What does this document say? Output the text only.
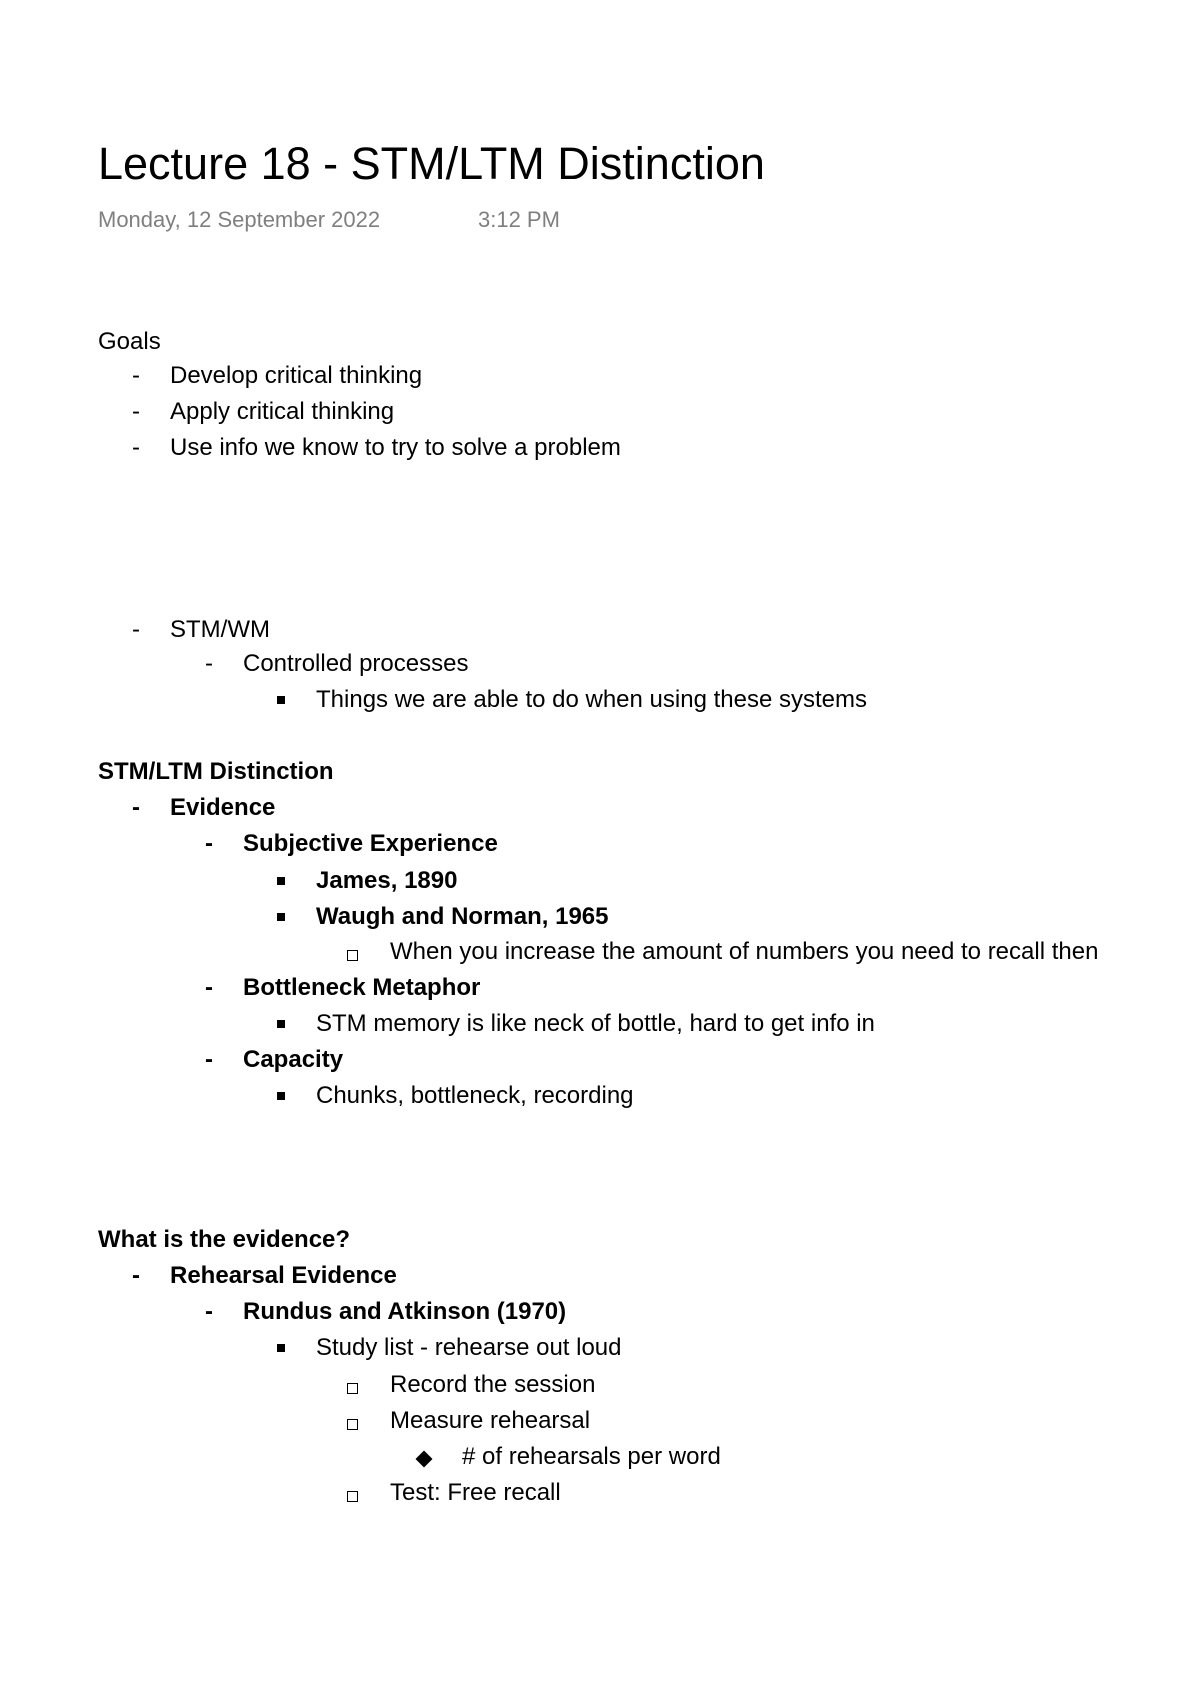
Lecture 18 - STM/LTM Distinction
Monday, 12 September 2022	3:12 PM
Goals
- Develop critical thinking
- Apply critical thinking
- Use info we know to try to solve a problem
- STM/WM
- Controlled processes
Things we are able to do when using these systems
STM/LTM Distinction
- Evidence
- Subjective Experience
James, 1890
Waugh and Norman, 1965
When you increase the amount of numbers you need to recall then
- Bottleneck Metaphor
STM memory is like neck of bottle, hard to get info in
- Capacity
Chunks, bottleneck, recording
What is the evidence?
- Rehearsal Evidence
- Rundus and Atkinson (1970)
Study list - rehearse out loud
Record the session
Measure rehearsal
# of rehearsals per word
Test: Free recall
